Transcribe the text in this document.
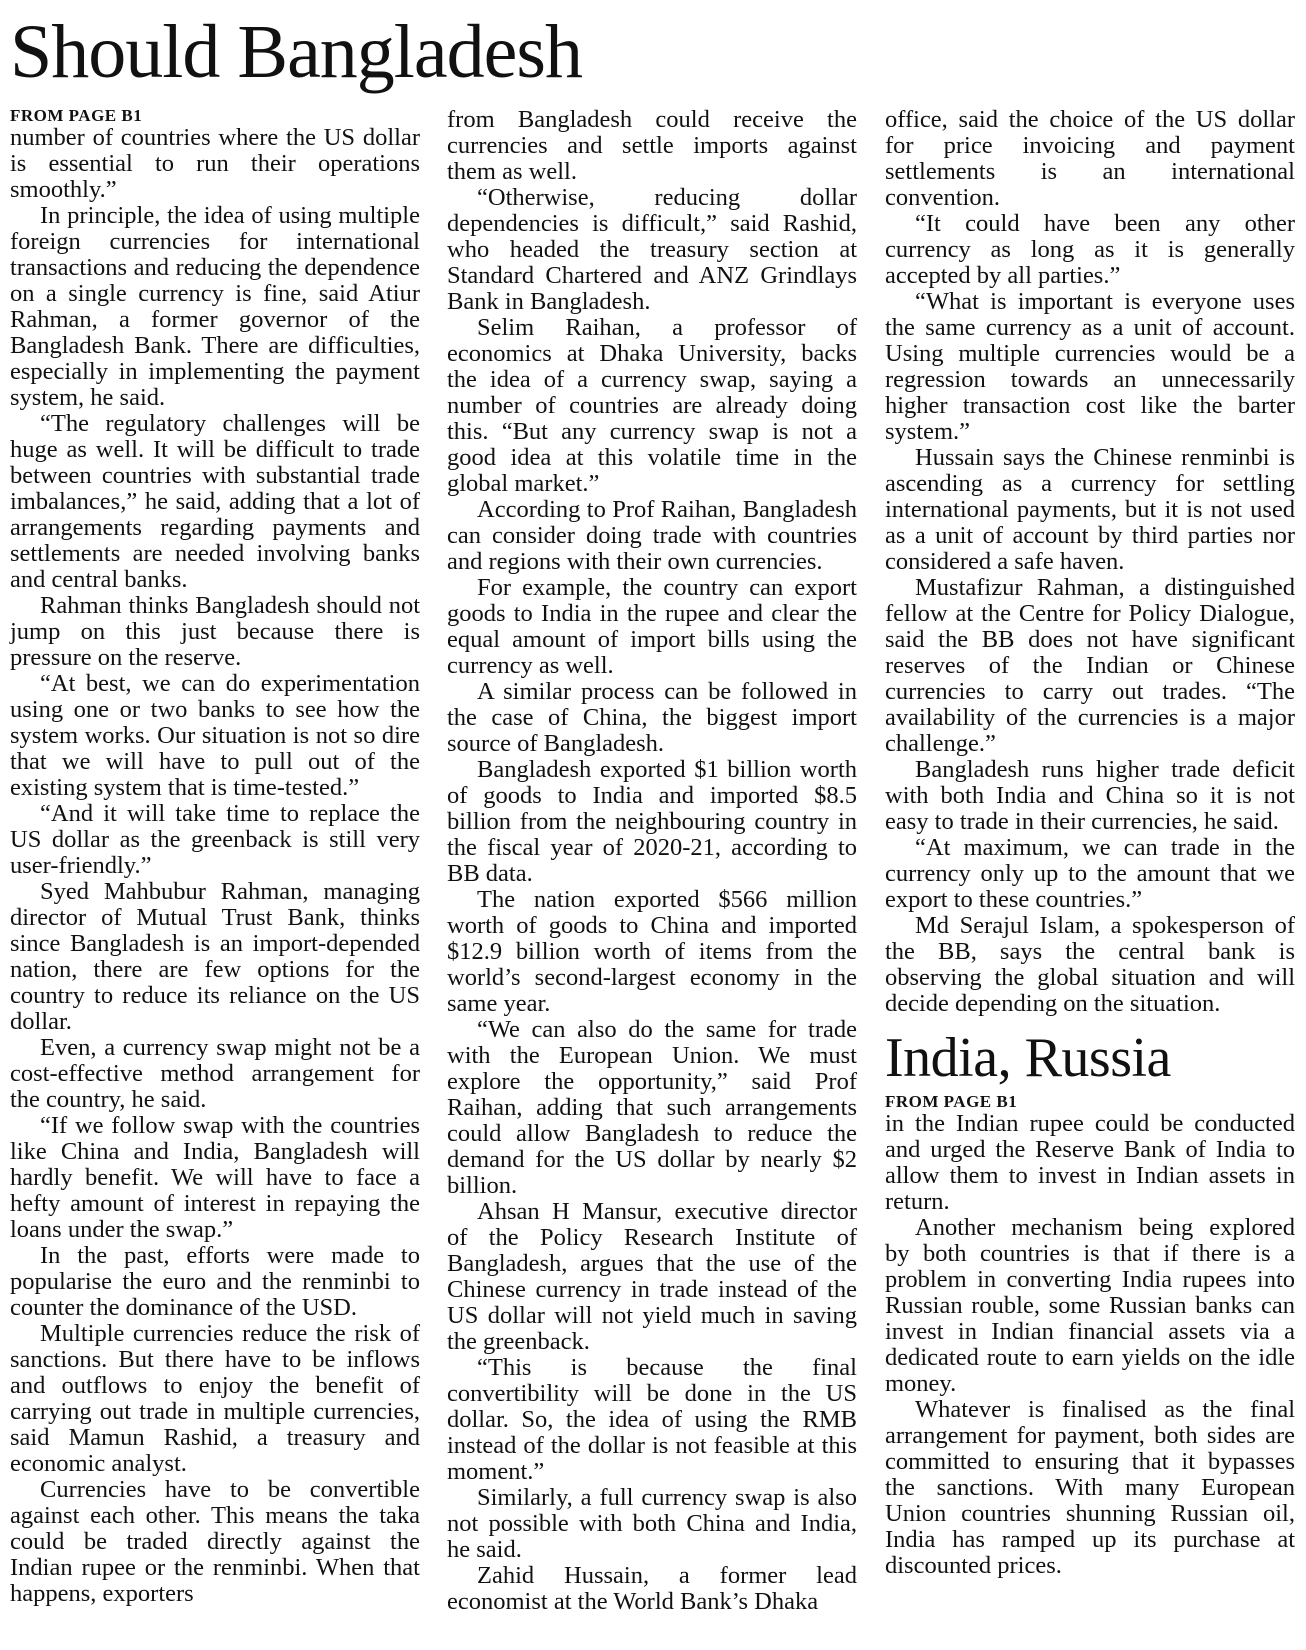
Should Bangladesh
FROM PAGE B1

number of countries where the US dollar is essential to run their operations smoothly.”

In principle, the idea of using multiple foreign currencies for international transactions and reducing the dependence on a single currency is fine, said Atiur Rahman, a former governor of the Bangladesh Bank. There are difficulties, especially in implementing the payment system, he said.

“The regulatory challenges will be huge as well. It will be difficult to trade between countries with substantial trade imbalances,” he said, adding that a lot of arrangements regarding payments and settlements are needed involving banks and central banks.

Rahman thinks Bangladesh should not jump on this just because there is pressure on the reserve.

“At best, we can do experimentation using one or two banks to see how the system works. Our situation is not so dire that we will have to pull out of the existing system that is time-tested.”

“And it will take time to replace the US dollar as the greenback is still very user-friendly.”

Syed Mahbubur Rahman, managing director of Mutual Trust Bank, thinks since Bangladesh is an import-depended nation, there are few options for the country to reduce its reliance on the US dollar.

Even, a currency swap might not be a cost-effective method arrangement for the country, he said.

“If we follow swap with the countries like China and India, Bangladesh will hardly benefit. We will have to face a hefty amount of interest in repaying the loans under the swap.”

In the past, efforts were made to popularise the euro and the renminbi to counter the dominance of the USD.

Multiple currencies reduce the risk of sanctions. But there have to be inflows and outflows to enjoy the benefit of carrying out trade in multiple currencies, said Mamun Rashid, a treasury and economic analyst.

Currencies have to be convertible against each other. This means the taka could be traded directly against the Indian rupee or the renminbi. When that happens, exporters

from Bangladesh could receive the currencies and settle imports against them as well.

“Otherwise, reducing dollar dependencies is difficult,” said Rashid, who headed the treasury section at Standard Chartered and ANZ Grindlays Bank in Bangladesh.

Selim Raihan, a professor of economics at Dhaka University, backs the idea of a currency swap, saying a number of countries are already doing this. “But any currency swap is not a good idea at this volatile time in the global market.”

According to Prof Raihan, Bangladesh can consider doing trade with countries and regions with their own currencies.

For example, the country can export goods to India in the rupee and clear the equal amount of import bills using the currency as well.

A similar process can be followed in the case of China, the biggest import source of Bangladesh.

Bangladesh exported $1 billion worth of goods to India and imported $8.5 billion from the neighbouring country in the fiscal year of 2020-21, according to BB data.

The nation exported $566 million worth of goods to China and imported $12.9 billion worth of items from the world’s second-largest economy in the same year.

“We can also do the same for trade with the European Union. We must explore the opportunity,” said Prof Raihan, adding that such arrangements could allow Bangladesh to reduce the demand for the US dollar by nearly $2 billion.

Ahsan H Mansur, executive director of the Policy Research Institute of Bangladesh, argues that the use of the Chinese currency in trade instead of the US dollar will not yield much in saving the greenback.

“This is because the final convertibility will be done in the US dollar. So, the idea of using the RMB instead of the dollar is not feasible at this moment.”

Similarly, a full currency swap is also not possible with both China and India, he said.

Zahid Hussain, a former lead economist at the World Bank’s Dhaka

office, said the choice of the US dollar for price invoicing and payment settlements is an international convention.

“It could have been any other currency as long as it is generally accepted by all parties.”

“What is important is everyone uses the same currency as a unit of account. Using multiple currencies would be a regression towards an unnecessarily higher transaction cost like the barter system.”

Hussain says the Chinese renminbi is ascending as a currency for settling international payments, but it is not used as a unit of account by third parties nor considered a safe haven.

Mustafizur Rahman, a distinguished fellow at the Centre for Policy Dialogue, said the BB does not have significant reserves of the Indian or Chinese currencies to carry out trades. “The availability of the currencies is a major challenge.”

Bangladesh runs higher trade deficit with both India and China so it is not easy to trade in their currencies, he said.

“At maximum, we can trade in the currency only up to the amount that we export to these countries.”

Md Serajul Islam, a spokesperson of the BB, says the central bank is observing the global situation and will decide depending on the situation.

India, Russia
FROM PAGE B1

in the Indian rupee could be conducted and urged the Reserve Bank of India to allow them to invest in Indian assets in return.

Another mechanism being explored by both countries is that if there is a problem in converting India rupees into Russian rouble, some Russian banks can invest in Indian financial assets via a dedicated route to earn yields on the idle money.

Whatever is finalised as the final arrangement for payment, both sides are committed to ensuring that it bypasses the sanctions. With many European Union countries shunning Russian oil, India has ramped up its purchase at discounted prices.
